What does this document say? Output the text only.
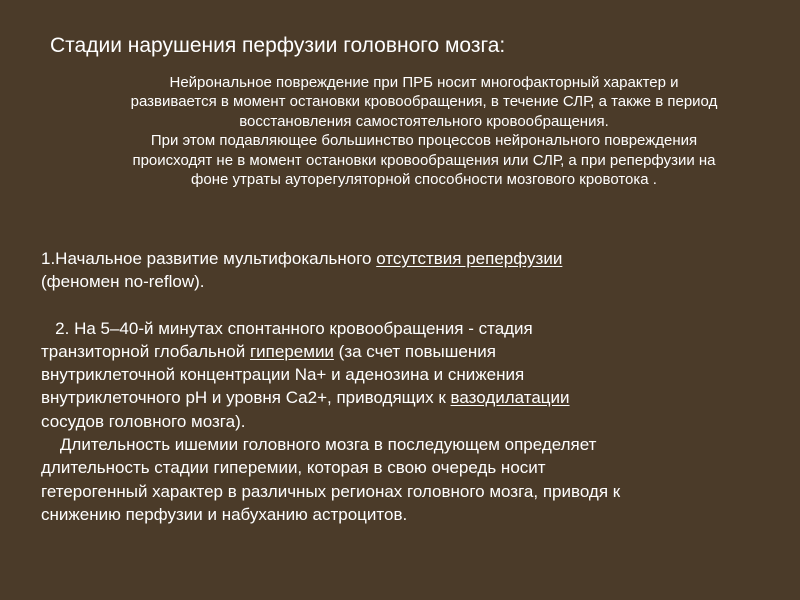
Стадии нарушения перфузии головного мозга:
Нейрональное повреждение при ПРБ носит многофакторный характер и
развивается в момент остановки кровообращения, в течение СЛР, а также в период
восстановления самостоятельного кровообращения.
При этом подавляющее большинство процессов нейронального повреждения
происходят не в момент остановки кровообращения или СЛР, а при реперфузии на
фоне утраты ауторегуляторной способности мозгового кровотока .
1.Начальное развитие мультифокального отсутствия реперфузии
(феномен no-reflow).
2. На 5–40-й минутах спонтанного кровообращения - стадия
транзиторной глобальной гиперемии (за счет повышения
внутриклеточной концентрации Na+ и аденозина и снижения
внутриклеточного рН и уровня Са2+, приводящих к вазодилатации
сосудов головного мозга).
Длительность ишемии головного мозга в последующем определяет
длительность стадии гиперемии, которая в свою очередь носит
гетерогенный характер в различных регионах головного мозга, приводя к
снижению перфузии и набуханию астроцитов.
